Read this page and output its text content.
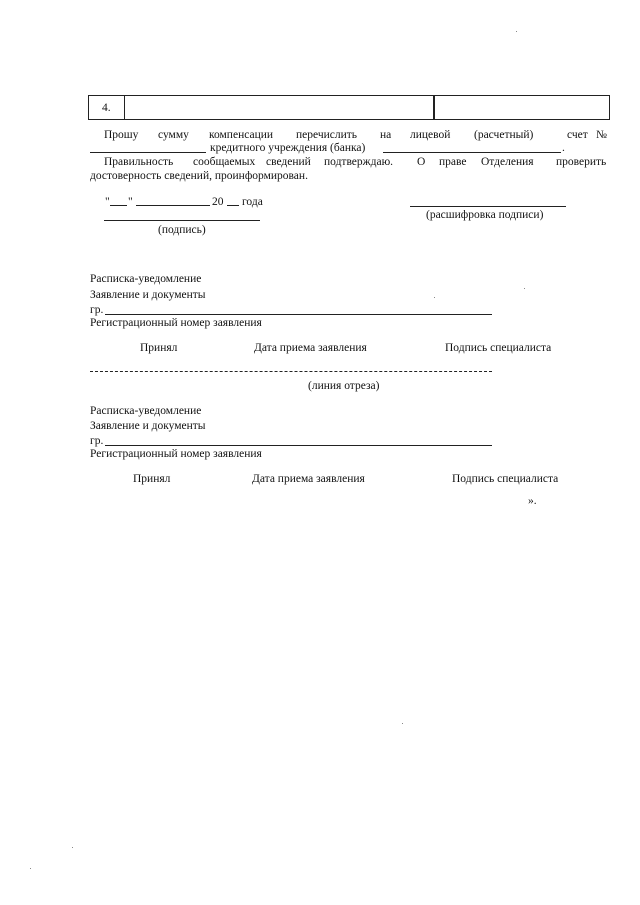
4.
Прошу сумму компенсации перечислить на лицевой (расчетный)	счет №
кредитного учреждения (банка)	.
Правильность сообщаемых сведений подтверждаю. О праве Отделения проверить
достоверность сведений, проинформирован.
" "	20 года
(подпись)
(расшифровка подписи)
Расписка-уведомление
Заявление и документы
гр.
Регистрационный номер заявления
Принял	Дата приема заявления	Подпись специалиста
(линия отреза)
Расписка-уведомление
Заявление и документы
гр.
Регистрационный номер заявления
Принял	Дата приема заявления	Подпись специалиста
».
